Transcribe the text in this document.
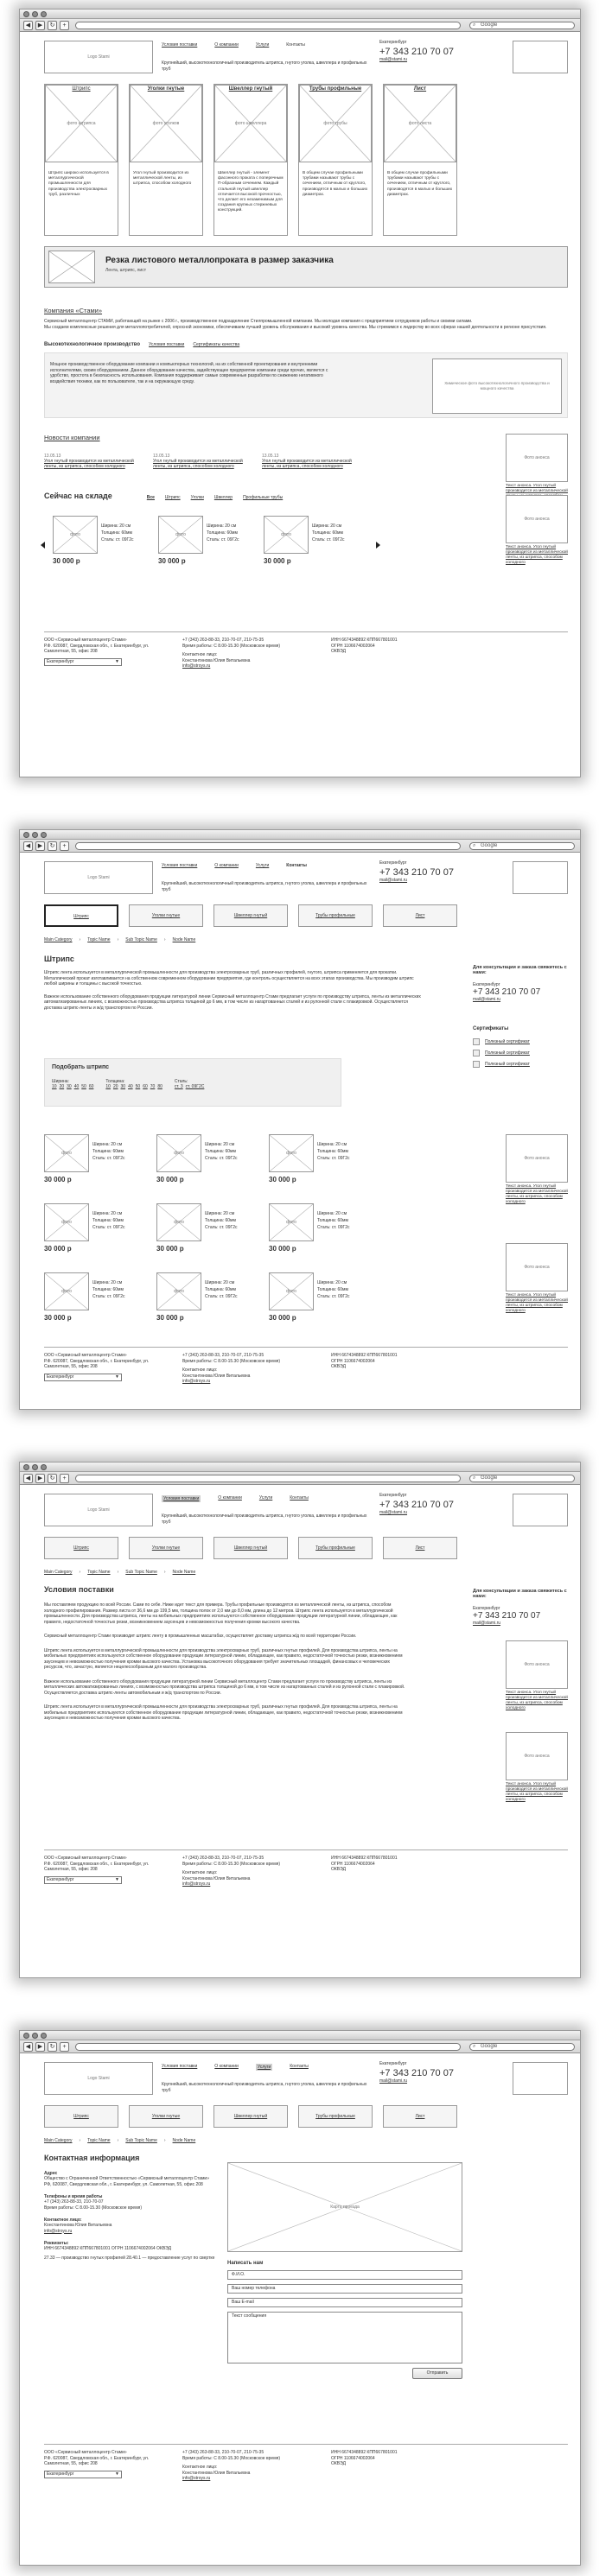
◀	▶	↻	+	⌕ Google
Logo Stami
Условия поставки	О компании	Услуги	Контакты
Крупнейший, высокотехнологичный производитель штрипса, гнутого уголка, швеллера и профильных труб
Екатеринбург
+7 343 210 70 07
mail@stami.ru
фото штрипса
Штрипс
Штрипс широко используется в металлургической промышленности для производства электросварных труб, различных
фото уголков
Уголки гнутые
Угол гнутый производится из металлической ленты, из штрипса, способом холодного
фото швеллера
Швеллер гнутый
Швеллер гнутый - элемент фасонного проката с поперечным П-образным сечением. Каждый стальной гнутый швеллер отличается высокой прочностью, что делает его незаменимым для создания крупных стержневых конструкций.
фото трубы
Трубы профильные
В общем случае профильными трубами называют трубы с сечением, отличным от круглого, производятся в малых и больших диаметрах.
фото листа
Лист
В общем случае профильными трубами называют трубы с сечением, отличным от круглого, производятся в малых и больших диаметрах.
Резка листового металлопроката в размер заказчика
Лента, штрипс, лист
Компания «Стами»
Сервисный металлоцентр СТАМИ, работающий на рынке с 2006 г., производственное подразделение Стилпромышленной компании. Мы молодая компания с предприятием сотрудников работы и своими силами.
Мы создаем комплексные решения для металлопотребителей, опросной экономики, обеспечиваем лучший уровень обслуживания и высокий уровень качества. Мы стремимся к лидерству во всех сферах нашей деятельности в регионе присутствия.
Высокотехнологичное производство Условия поставки Сертификаты качества
Мощное производственное оборудование компании и компьютерных технологий, на их собственной проектирования и внутренними исполнителями, своим оборудованием. Данное оборудование качества, задействующее предприятие компании среди прочих, является с удобство, простота в безопасность использования. Компания поддерживает самые современные разработки по снижению негативного воздействия техники, как по пользователе, так и на окружающую среду.	Химическое фото высокотехнологичного производства и мощного качества
Новости компании
13.05.13
Угол гнутый производится из металлической ленты, из штрипса, способом холодного
13.05.13
Угол гнутый производится из металлической ленты, из штрипса, способом холодного
13.05.13
Угол гнутый производится из металлической ленты, из штрипса, способом холодного
Фото анонса
Текст анонса. Угол гнутый производится из металлической
Сейчас на складе	Все Штрипс Уголки Швеллер Профильные трубы
фото
Ширина: 20 см
Толщина: 60мм
Сталь: ст. 09Г2с
30 000 р
фото
Ширина: 20 см
Толщина: 60мм
Сталь: ст. 09Г2с
30 000 р
фото
Ширина: 20 см
Толщина: 60мм
Сталь: ст. 09Г2с
30 000 р
Фото анонса
Текст анонса. Угол гнутый производится из металлической ленты, из штрипса, способом холодного
ООО «Сервисный металлоцентр Стами»
Р.Ф. 620087, Свердловская обл., г. Екатеринбург, ул. Самолетная, 55, офис 208
Екатеринбург	▼
+7 (343) 263-88-33, 210-70-07, 210-75-35
Время работы: С 8.00-15.30 (Московское время)
Контактное лицо:
Константинова Юлия Витальевна
info@stroys.ru
ИНН 6674348892 КПП667801001
ОГРН 1106674002064
ОКВЭД
◀	▶	↻	+	⌕ Google
Logo Stami
Условия поставки	О компании	Услуги	Контакты
Крупнейший, высокотехнологичный производитель штрипса, гнутого уголка, швеллера и профильных труб
Екатеринбург
+7 343 210 70 07
mail@stami.ru
Штрипс	Уголки гнутые	Швеллер гнутый	Трубы профильные	Лист
Main Category › Topic Name › Sub Topic Name › Node Name
Штрипс
Штрипс лента используется в металлургической промышленности для производства электросварных труб, различных профилей, гнутого, штрипса применяется для прокатки. Металлический прокат изготавливается на собственном современном оборудовании предприятия, где контроль осуществляется на всех этапах производства. Мы производим штрипс любой ширины и толщины с высокой точностью.
Важное использование собственного оборудования продукции литературой линии Сервисный металлоцентр Стами предлагает услуги по производству штрипса, ленты из металлических автоматизированных линиях, с возможностью производства штрипса толщиной до 6 мм, в том числе из нагартованных сталей и из рулонной стали с плакировкой. Осуществляется доставка штрипс-ленты и ж/д транспортом по России.
Для консультации и заказа свяжитесь с нами:
Екатеринбург
+7 343 210 70 07
mail@stami.ru
Сертификаты
Полезный сертификат
Полезный сертификат
Полезный сертификат
Подобрать штрипс
Ширина:
10 20 30 40 50 60
Толщина:
10 20 30 40 50 60 70 80
Сталь:
ст. 3 ст. 09Г2С
фото
Ширина: 20 см
Толщина: 60мм
Сталь: ст. 09Г2с
30 000 р
фото
Ширина: 20 см
Толщина: 60мм
Сталь: ст. 09Г2с
30 000 р
фото
Ширина: 20 см
Толщина: 60мм
Сталь: ст. 09Г2с
30 000 р
фото
Ширина: 20 см
Толщина: 60мм
Сталь: ст. 09Г2с
30 000 р
фото
Ширина: 20 см
Толщина: 60мм
Сталь: ст. 09Г2с
30 000 р
фото
Ширина: 20 см
Толщина: 60мм
Сталь: ст. 09Г2с
30 000 р
фото
Ширина: 20 см
Толщина: 60мм
Сталь: ст. 09Г2с
30 000 р
фото
Ширина: 20 см
Толщина: 60мм
Сталь: ст. 09Г2с
30 000 р
фото
Ширина: 20 см
Толщина: 60мм
Сталь: ст. 09Г2с
30 000 р
Фото анонса
Текст анонса. Угол гнутый производится из металлической ленты, из штрипса, способом холодного
Фото анонса
Текст анонса. Угол гнутый производится из металлической ленты, из штрипса, способом холодного
ООО «Сервисный металлоцентр Стами»
Р.Ф. 620087, Свердловская обл., г. Екатеринбург, ул. Самолетная, 55, офис 208
Екатеринбург	▼
+7 (343) 263-88-33, 210-70-07, 210-75-35
Время работы: С 8.00-15.30 (Московское время)
Контактное лицо:
Константинова Юлия Витальевна
info@stroys.ru
ИНН 6674348892 КПП667801001
ОГРН 1106674002064
ОКВЭД
◀	▶	↻	+	⌕ Google
Logo Stami
Условия поставки	О компании	Услуги	Контакты
Крупнейший, высокотехнологичный производитель штрипса, гнутого уголка, швеллера и профильных труб
Екатеринбург
+7 343 210 70 07
mail@stami.ru
Штрипс	Уголки гнутые	Швеллер гнутый	Трубы профильные	Лист
Main Category › Topic Name › Sub Topic Name › Node Name
Условия поставки
Мы поставляем продукцию по всей России. Сами по себе. Ниже идет текст для примера. Трубы профильные производятся из металлической ленты, из штрипса, способом холодного профилирования. Размер листа от 36,6 мм до 199,5 мм, толщина полок от 2,0 мм до 8,0 мм, длина до 12 метров. Штрипс лента используется в металлургической промышленности. Для производства штрипса, ленты на мобильных предприятиях используются собственное оборудование продукции литературной линии, обладающее, как правило, недостаточной точностью резки, возникновением заусенцев и невозможностью получения кромки высокого качества.
Сервисный металлоцентр Стами производит штрипс ленту в промышленных масштабах, осуществляет доставку штрипса ж/д по всей территории России.
Штрипс лента используется в металлургической промышленности для производства электросварных труб, различных гнутых профилей. Для производства штрипса, ленты на мобильных предприятиях используются собственное оборудование продукции литературной линии, обладающее, как правило, недостаточной точностью резки, возникновением заусенцев и невозможностью получения кромки высокого качества. Установка высокоточного оборудования требует значительных площадей, финансовых и человеческих ресурсов, что, зачастую, является нецелесообразным для малого производства.
Важное использование собственного оборудования продукции литературной линии Сервисный металлоцентр Стами предлагает услуги по производству штрипса, ленты из металлических автоматизированных линиях, с возможностью производства штрипса толщиной до 6 мм, в том числе из нагартованных сталей и из рулонной стали с плакировкой. Осуществляется доставка штрипс-ленты автомобильным и ж/д транспортом по России.
Штрипс лента используется в металлургической промышленности для производства электросварных труб, различных гнутых профилей. Для производства штрипса, ленты на мобильных предприятиях используются собственное оборудование продукции литературной линии, обладающее, как правило, недостаточной точностью резки, возникновением заусенцев и невозможностью получения кромки высокого качества.
Для консультации и заказа свяжитесь с нами:
Екатеринбург
+7 343 210 70 07
mail@stami.ru
Фото анонса
Текст анонса. Угол гнутый производится из металлической ленты, из штрипса, способом холодного
Фото анонса
Текст анонса. Угол гнутый производится из металлической ленты, из штрипса, способом холодного
ООО «Сервисный металлоцентр Стами»
Р.Ф. 620087, Свердловская обл., г. Екатеринбург, ул. Самолетная, 55, офис 208
Екатеринбург	▼
+7 (343) 263-88-33, 210-70-07, 210-75-35
Время работы: С 8.00-15.30 (Московское время)
Контактное лицо:
Константинова Юлия Витальевна
info@stroys.ru
ИНН 6674348892 КПП667801001
ОГРН 1106674002064
ОКВЭД
◀	▶	↻	+	⌕ Google
Logo Stami
Условия поставки	О компании	Услуги	Контакты
Крупнейший, высокотехнологичный производитель штрипса, гнутого уголка, швеллера и профильных труб
Екатеринбург
+7 343 210 70 07
mail@stami.ru
Штрипс	Уголки гнутые	Швеллер гнутый	Трубы профильные	Лист
Main Category › Topic Name › Sub Topic Name › Node Name
Контактная информация
Адрес
Общество с Ограниченной Ответственностью «Сервисный металлоцентр Стами» РФ, 620087, Свердловская обл., г. Екатеринбург, ул. Самолетная, 55, офис 208
Телефоны и время работы
+7 (343) 263-88-33, 210-70-07
Время работы: С 8.00-15.30 (Московское время)
Контактное лицо:
Константинова Юлия Витальевна
info@stroys.ru
Реквизиты:
ИНН 6674348892 КПП667801001 ОГРН 1106674002064 ОКВЭД
27.33 — производство гнутых профилей 28.40.1 — предоставление услуг по свертке
Карта проезда
Написать нам
Ф.И.О.
Ваш номер телефона
Ваш E-mail
Текст сообщения
Отправить
ООО «Сервисный металлоцентр Стами»
Р.Ф. 620087, Свердловская обл., г. Екатеринбург, ул. Самолетная, 55, офис 208
Екатеринбург	▼
+7 (343) 263-88-33, 210-70-07, 210-75-35
Время работы: С 8.00-15.30 (Московское время)
Контактное лицо:
Константинова Юлия Витальевна
info@stroys.ru
ИНН 6674348892 КПП667801001
ОГРН 1106674002064
ОКВЭД
